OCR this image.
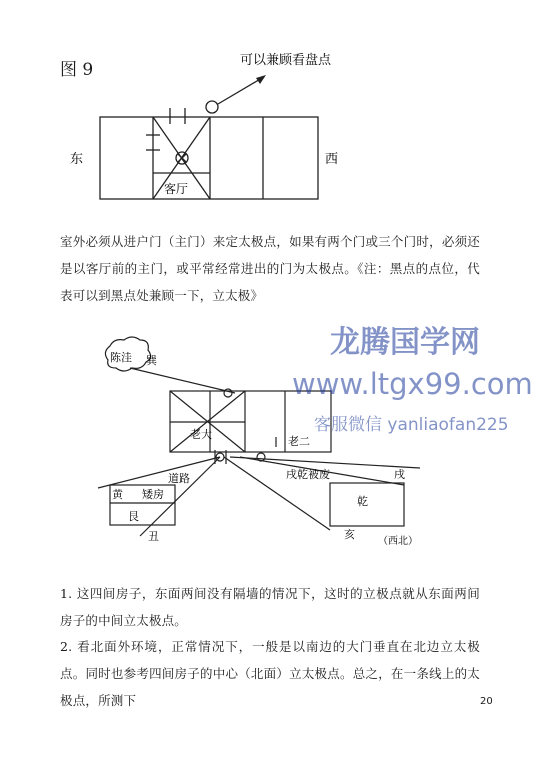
图 9	可以兼顾看盘点
东	西
客厅
室外必须从进户门（主门）来定太极点，如果有两个门或三个门时，必须还是以客厅前的主门，或平常经常进出的门为太极点。《注：黑点的点位，代表可以到黑点处兼顾一下，立太极》
陈洼 巽
老大
老二
道路	戌乾被废	戌
乾
亥
黄 矮房
艮
丑	（西北）
龙腾国学网
www.ltgx99.com
客服微信 yanliaofan225
1. 这四间房子，东面两间没有隔墙的情况下，这时的立极点就从东面两间房子的中间立太极点。
2. 看北面外环境，正常情况下，一般是以南边的大门垂直在北边立太极点。同时也参考四间房子的中心（北面）立太极点。总之，在一条线上的太极点，所测下	20
